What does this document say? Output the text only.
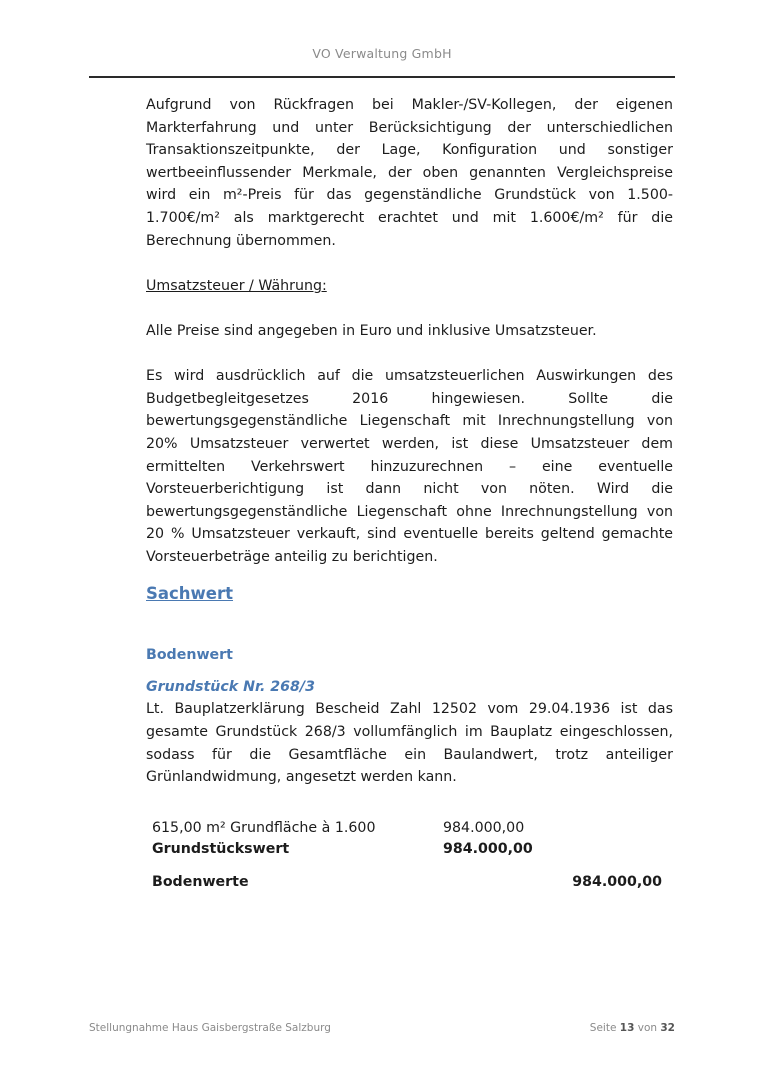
VO Verwaltung GmbH

Aufgrund von Rückfragen bei Makler-/SV-Kollegen, der eigenen Markterfahrung und unter Berücksichtigung der unterschiedlichen Transaktionszeitpunkte, der Lage, Konfiguration und sonstiger wertbeeinflussender Merkmale, der oben genannten Vergleichspreise wird ein m²-Preis für das gegenständliche Grundstück von 1.500-1.700€/m² als marktgerecht erachtet und mit 1.600€/m² für die Berechnung übernommen.

Umsatzsteuer / Währung:

Alle Preise sind angegeben in Euro und inklusive Umsatzsteuer.

Es wird ausdrücklich auf die umsatzsteuerlichen Auswirkungen des Budgetbegleitgesetzes 2016 hingewiesen. Sollte die bewertungsgegenständliche Liegenschaft mit Inrechnungstellung von 20% Umsatzsteuer verwertet werden, ist diese Umsatzsteuer dem ermittelten Verkehrswert hinzuzurechnen – eine eventuelle Vorsteuerberichtigung ist dann nicht von nöten. Wird die bewertungsgegenständliche Liegenschaft ohne Inrechnungstellung von 20 % Umsatzsteuer verkauft, sind eventuelle bereits geltend gemachte Vorsteuerbeträge anteilig zu berichtigen.

Sachwert
Bodenwert
Grundstück Nr. 268/3

Lt. Bauplatzerklärung Bescheid Zahl 12502 vom 29.04.1936 ist das gesamte Grundstück 268/3 vollumfänglich im Bauplatz eingeschlossen, sodass für die Gesamtfläche ein Baulandwert, trotz anteiliger Grünlandwidmung, angesetzt werden kann.

615,00 m² Grundfläche à 1.600	984.000,00
Grundstückswert	984.000,00
Bodenwerte	984.000,00
Stellungnahme Haus Gaisbergstraße Salzburg	Seite 13 von 32
